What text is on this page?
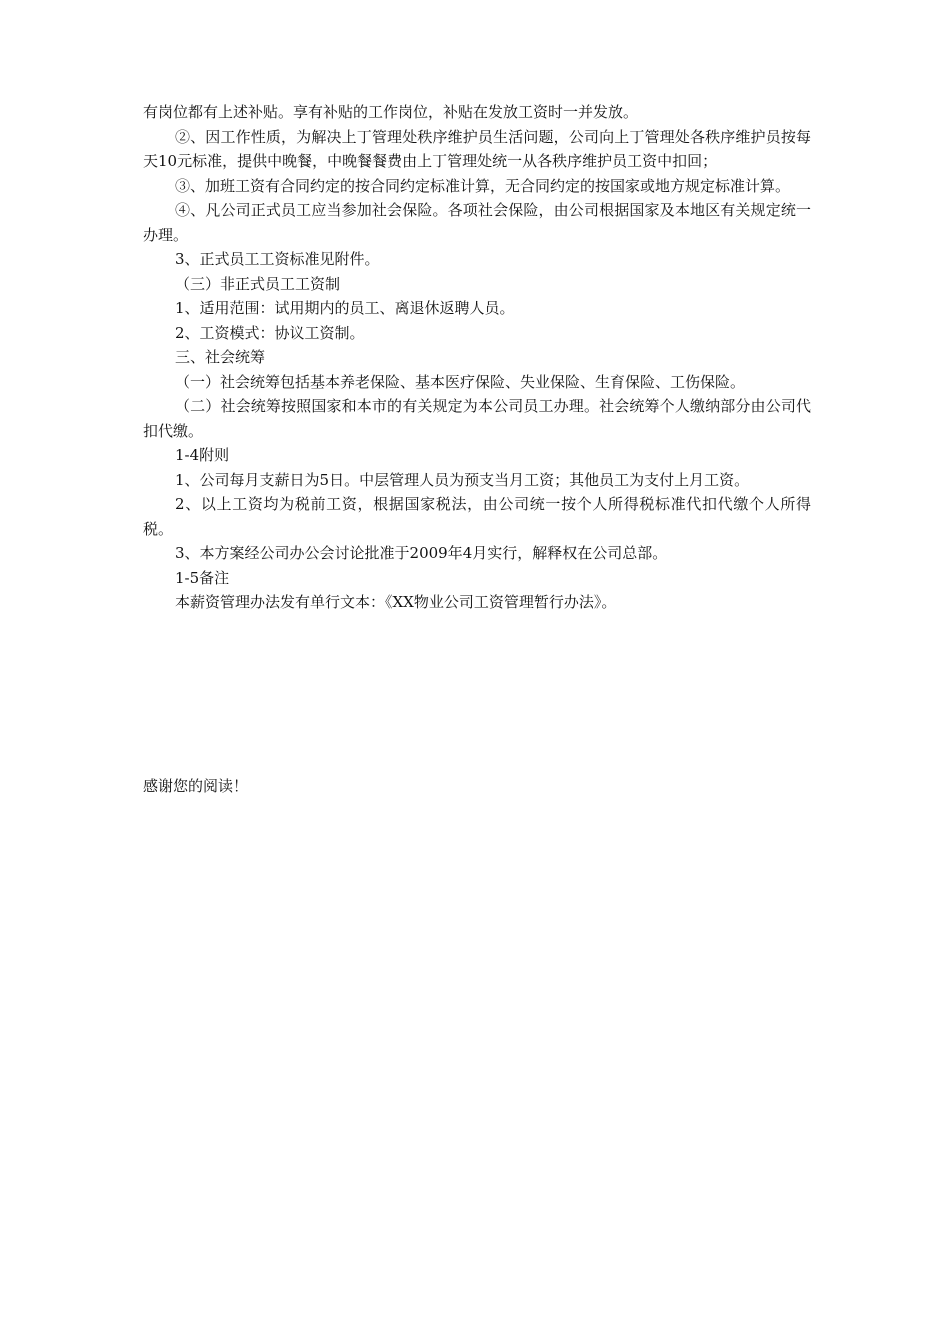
有岗位都有上述补贴。享有补贴的工作岗位，补贴在发放工资时一并发放。

②、因工作性质，为解决上丁管理处秩序维护员生活问题，公司向上丁管理处各秩序维护员按每天10元标准，提供中晚餐，中晚餐餐费由上丁管理处统一从各秩序维护员工资中扣回；

③、加班工资有合同约定的按合同约定标准计算，无合同约定的按国家或地方规定标准计算。

④、凡公司正式员工应当参加社会保险。各项社会保险，由公司根据国家及本地区有关规定统一办理。

3、正式员工工资标准见附件。

（三）非正式员工工资制

1、适用范围：试用期内的员工、离退休返聘人员。

2、工资模式：协议工资制。

三、社会统筹

（一）社会统筹包括基本养老保险、基本医疗保险、失业保险、生育保险、工伤保险。

（二）社会统筹按照国家和本市的有关规定为本公司员工办理。社会统筹个人缴纳部分由公司代扣代缴。

1-4附则

1、公司每月支薪日为5日。中层管理人员为预支当月工资；其他员工为支付上月工资。

2、以上工资均为税前工资，根据国家税法，由公司统一按个人所得税标准代扣代缴个人所得税。

3、本方案经公司办公会讨论批准于2009年4月实行，解释权在公司总部。

1-5备注

本薪资管理办法发有单行文本：《XX物业公司工资管理暂行办法》。

感谢您的阅读！
